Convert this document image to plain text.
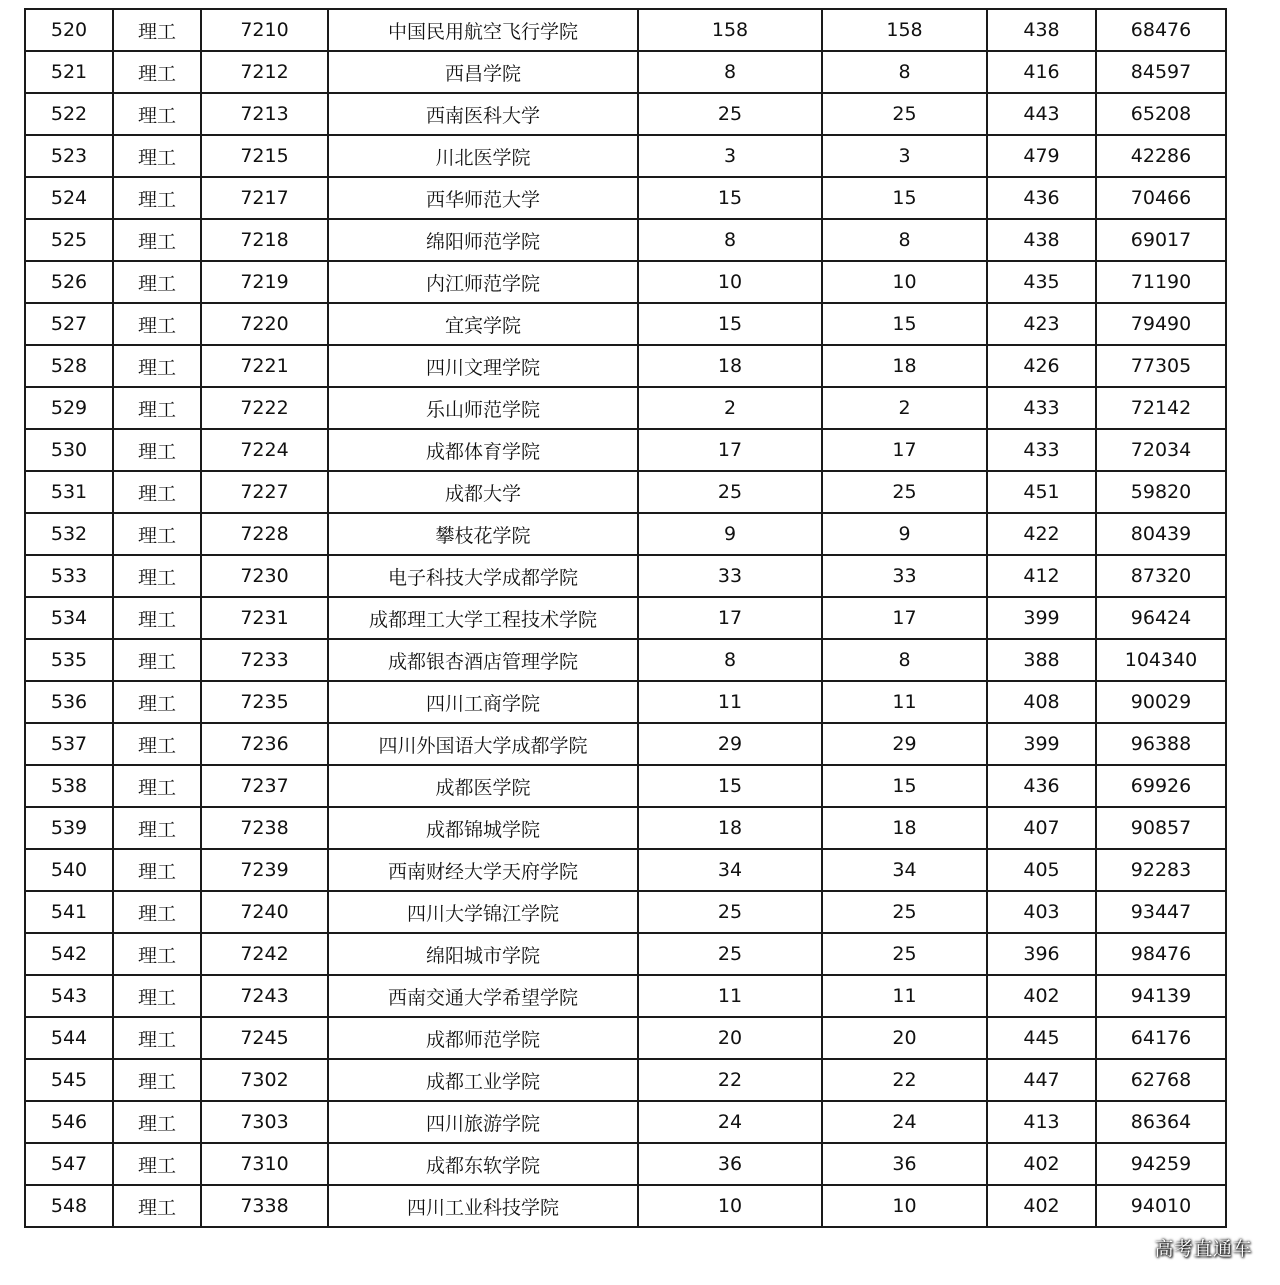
520	理工	7210	中国民用航空飞行学院	158	158	438	68476
521	理工	7212	西昌学院	8	8	416	84597
522	理工	7213	西南医科大学	25	25	443	65208
523	理工	7215	川北医学院	3	3	479	42286
524	理工	7217	西华师范大学	15	15	436	70466
525	理工	7218	绵阳师范学院	8	8	438	69017
526	理工	7219	内江师范学院	10	10	435	71190
527	理工	7220	宜宾学院	15	15	423	79490
528	理工	7221	四川文理学院	18	18	426	77305
529	理工	7222	乐山师范学院	2	2	433	72142
530	理工	7224	成都体育学院	17	17	433	72034
531	理工	7227	成都大学	25	25	451	59820
532	理工	7228	攀枝花学院	9	9	422	80439
533	理工	7230	电子科技大学成都学院	33	33	412	87320
534	理工	7231	成都理工大学工程技术学院	17	17	399	96424
535	理工	7233	成都银杏酒店管理学院	8	8	388	104340
536	理工	7235	四川工商学院	11	11	408	90029
537	理工	7236	四川外国语大学成都学院	29	29	399	96388
538	理工	7237	成都医学院	15	15	436	69926
539	理工	7238	成都锦城学院	18	18	407	90857
540	理工	7239	西南财经大学天府学院	34	34	405	92283
541	理工	7240	四川大学锦江学院	25	25	403	93447
542	理工	7242	绵阳城市学院	25	25	396	98476
543	理工	7243	西南交通大学希望学院	11	11	402	94139
544	理工	7245	成都师范学院	20	20	445	64176
545	理工	7302	成都工业学院	22	22	447	62768
546	理工	7303	四川旅游学院	24	24	413	86364
547	理工	7310	成都东软学院	36	36	402	94259
548	理工	7338	四川工业科技学院	10	10	402	94010
高考直通车
